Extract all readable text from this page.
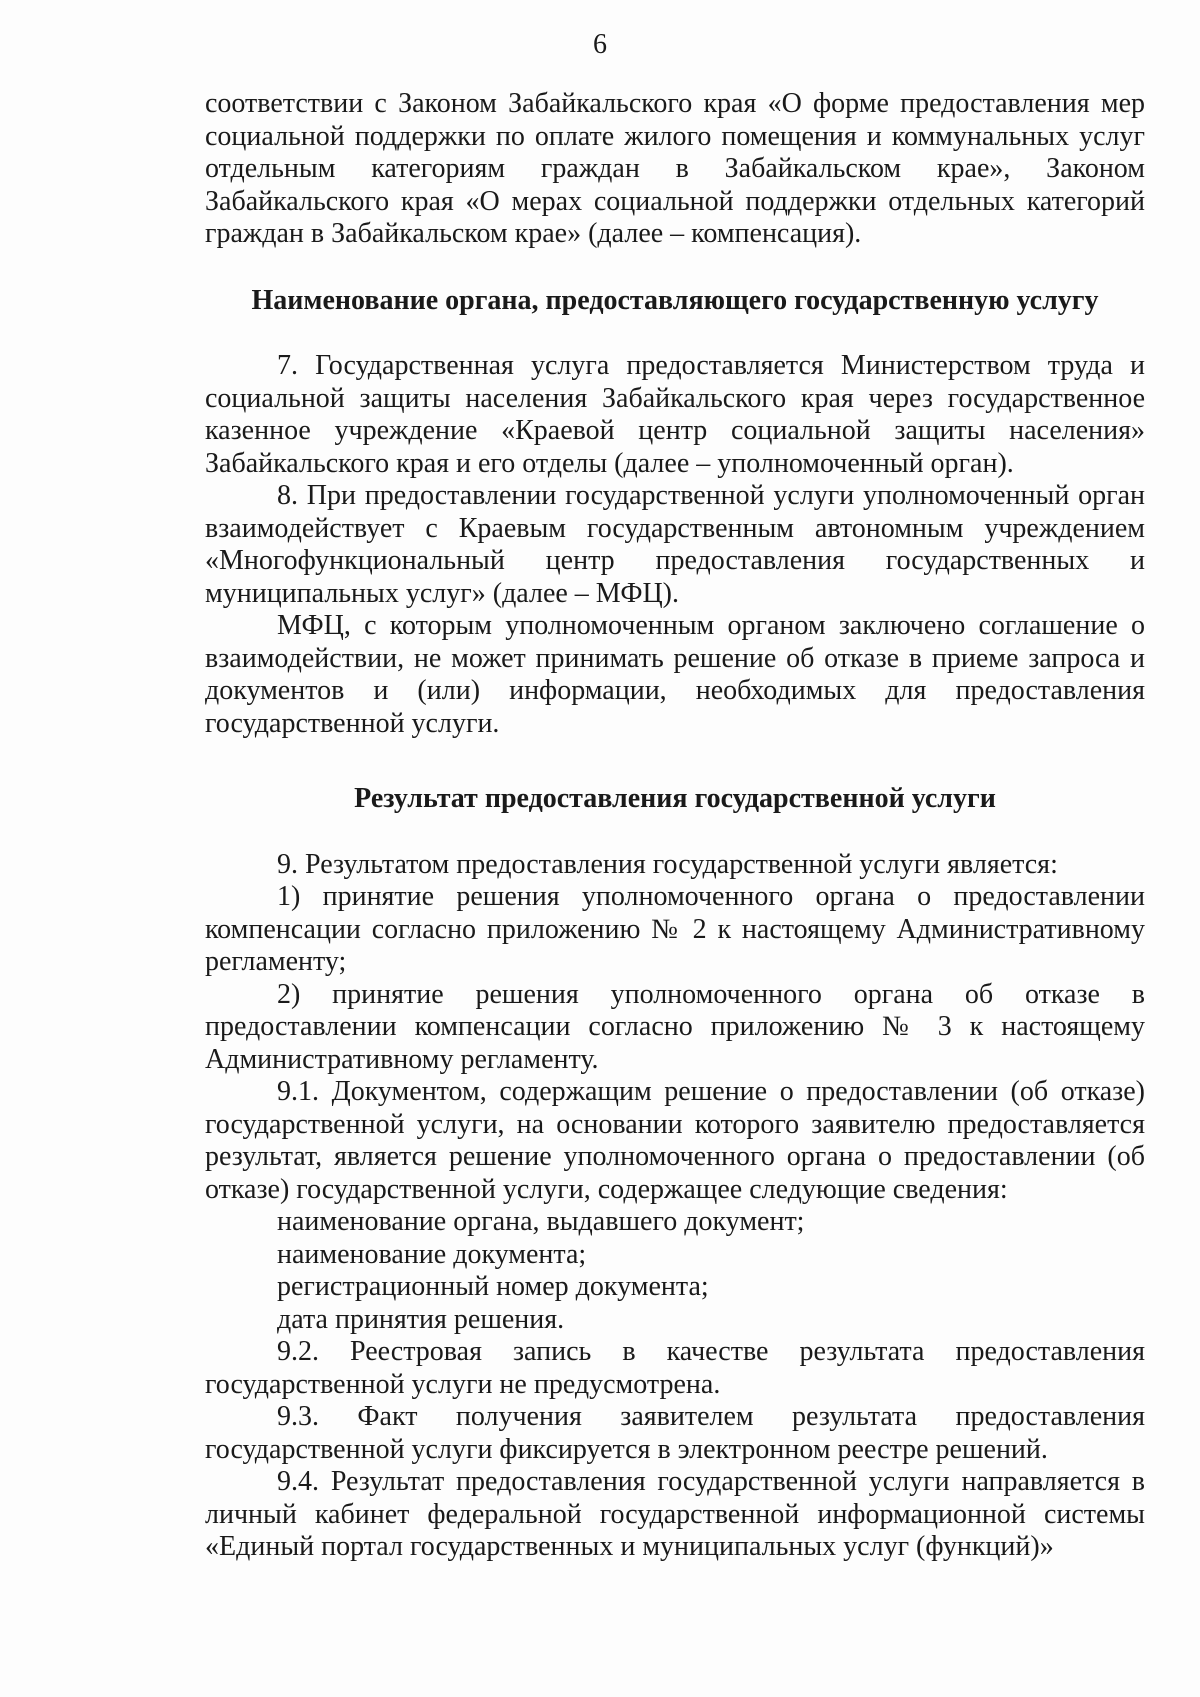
6

соответствии с Законом Забайкальского края «О форме предоставления мер социальной поддержки по оплате жилого помещения и коммунальных услуг отдельным категориям граждан в Забайкальском крае», Законом Забайкальского края «О мерах социальной поддержки отдельных категорий граждан в Забайкальском крае» (далее – компенсация).

Наименование органа, предоставляющего государственную услугу

7. Государственная услуга предоставляется Министерством труда и социальной защиты населения Забайкальского края через государственное казенное учреждение «Краевой центр социальной защиты населения» Забайкальского края и его отделы (далее – уполномоченный орган).

8. При предоставлении государственной услуги уполномоченный орган взаимодействует с Краевым государственным автономным учреждением «Многофункциональный центр предоставления государственных и муниципальных услуг» (далее – МФЦ).

МФЦ, с которым уполномоченным органом заключено соглашение о взаимодействии, не может принимать решение об отказе в приеме запроса и документов и (или) информации, необходимых для предоставления государственной услуги.

Результат предоставления государственной услуги

9. Результатом предоставления государственной услуги является:

1) принятие решения уполномоченного органа о предоставлении компенсации согласно приложению № 2 к настоящему Административному регламенту;

2) принятие решения уполномоченного органа об отказе в предоставлении компенсации согласно приложению № 3 к настоящему Административному регламенту.

9.1. Документом, содержащим решение о предоставлении (об отказе) государственной услуги, на основании которого заявителю предоставляется результат, является решение уполномоченного органа о предоставлении (об отказе) государственной услуги, содержащее следующие сведения:

наименование органа, выдавшего документ;

наименование документа;

регистрационный номер документа;

дата принятия решения.

9.2. Реестровая запись в качестве результата предоставления государственной услуги не предусмотрена.

9.3. Факт получения заявителем результата предоставления государственной услуги фиксируется в электронном реестре решений.

9.4. Результат предоставления государственной услуги направляется в личный кабинет федеральной государственной информационной системы «Единый портал государственных и муниципальных услуг (функций)»
